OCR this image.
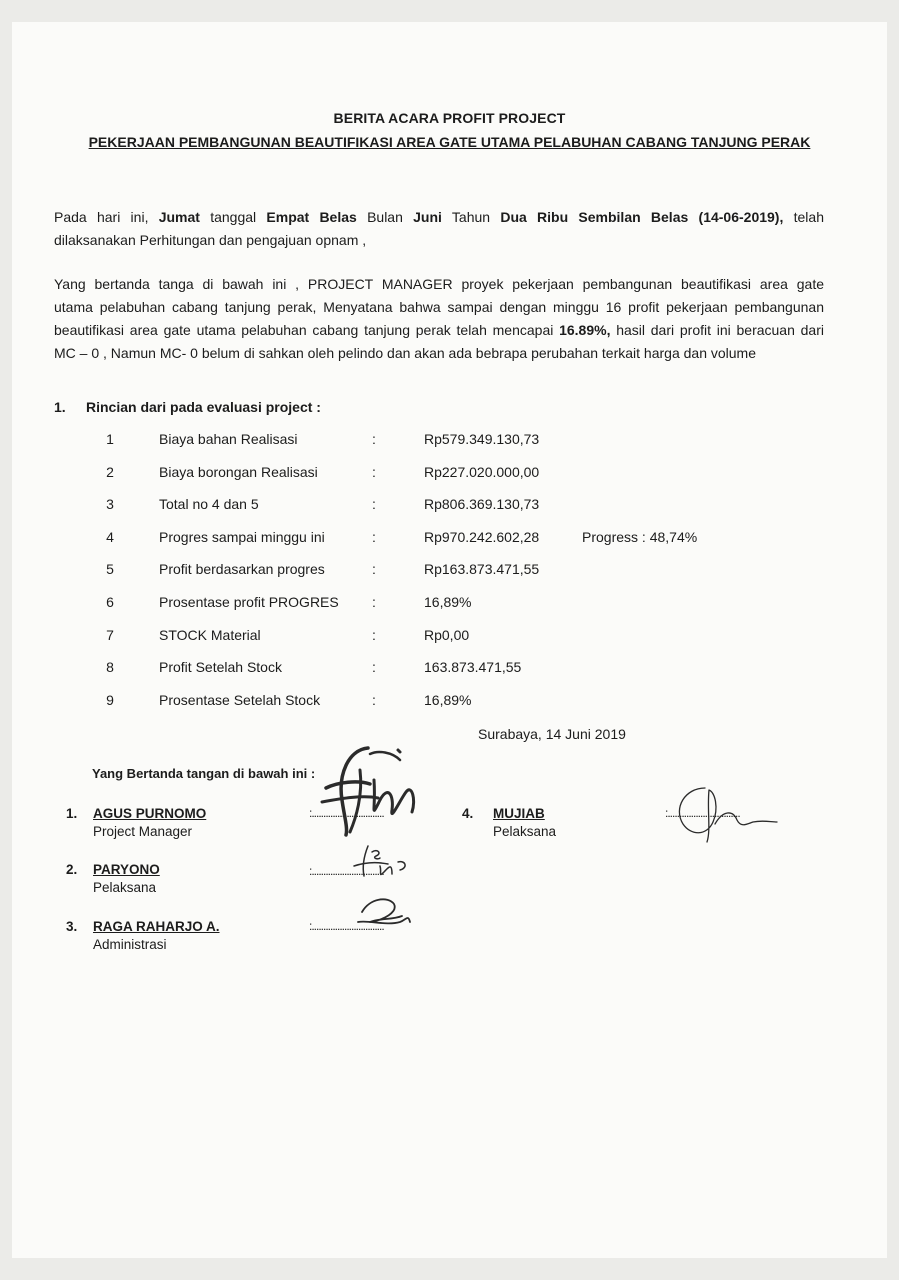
BERITA ACARA PROFIT PROJECT
PEKERJAAN PEMBANGUNAN BEAUTIFIKASI AREA GATE UTAMA PELABUHAN CABANG TANJUNG PERAK

Pada hari ini, Jumat tanggal Empat Belas Bulan Juni Tahun Dua Ribu Sembilan Belas (14-06-2019), telah

dilaksanakan Perhitungan dan pengajuan opnam ,

Yang bertanda tanga di bawah ini , PROJECT MANAGER proyek pekerjaan pembangunan beautifikasi area gate

utama pelabuhan cabang tanjung perak, Menyatana bahwa sampai dengan minggu 16 profit pekerjaan pembangunan

beautifikasi area gate utama pelabuhan cabang tanjung perak telah mencapai 16.89%, hasil dari profit ini beracuan dari

MC – 0 , Namun MC- 0 belum di sahkan oleh pelindo dan akan ada bebrapa perubahan terkait harga dan volume

1. Rincian dari pada evaluasi project :
1	Biaya bahan Realisasi	:	Rp579.349.130,73
2	Biaya borongan Realisasi	:	Rp227.020.000,00
3	Total no 4 dan 5	:	Rp806.369.130,73
4	Progres sampai minggu ini	:	Rp970.242.602,28	Progress : 48,74%
5	Profit berdasarkan progres	:	Rp163.873.471,55
6	Prosentase profit PROGRES :	16,89%
7	STOCK Material	:	Rp0,00
8	Profit Setelah Stock	:	163.873.471,55
9	Prosentase Setelah Stock	:	16,89%
Surabaya, 14 Juni 2019
Yang Bertanda tangan di bawah ini :
1. AGUS PURNOMO
Project Manager
2. PARYONO
Pelaksana
3. RAGA RAHARJO A.
Administrasi
4. MUJIAB
Pelaksana
:...............................
:...............................
:...............................
:...............................
